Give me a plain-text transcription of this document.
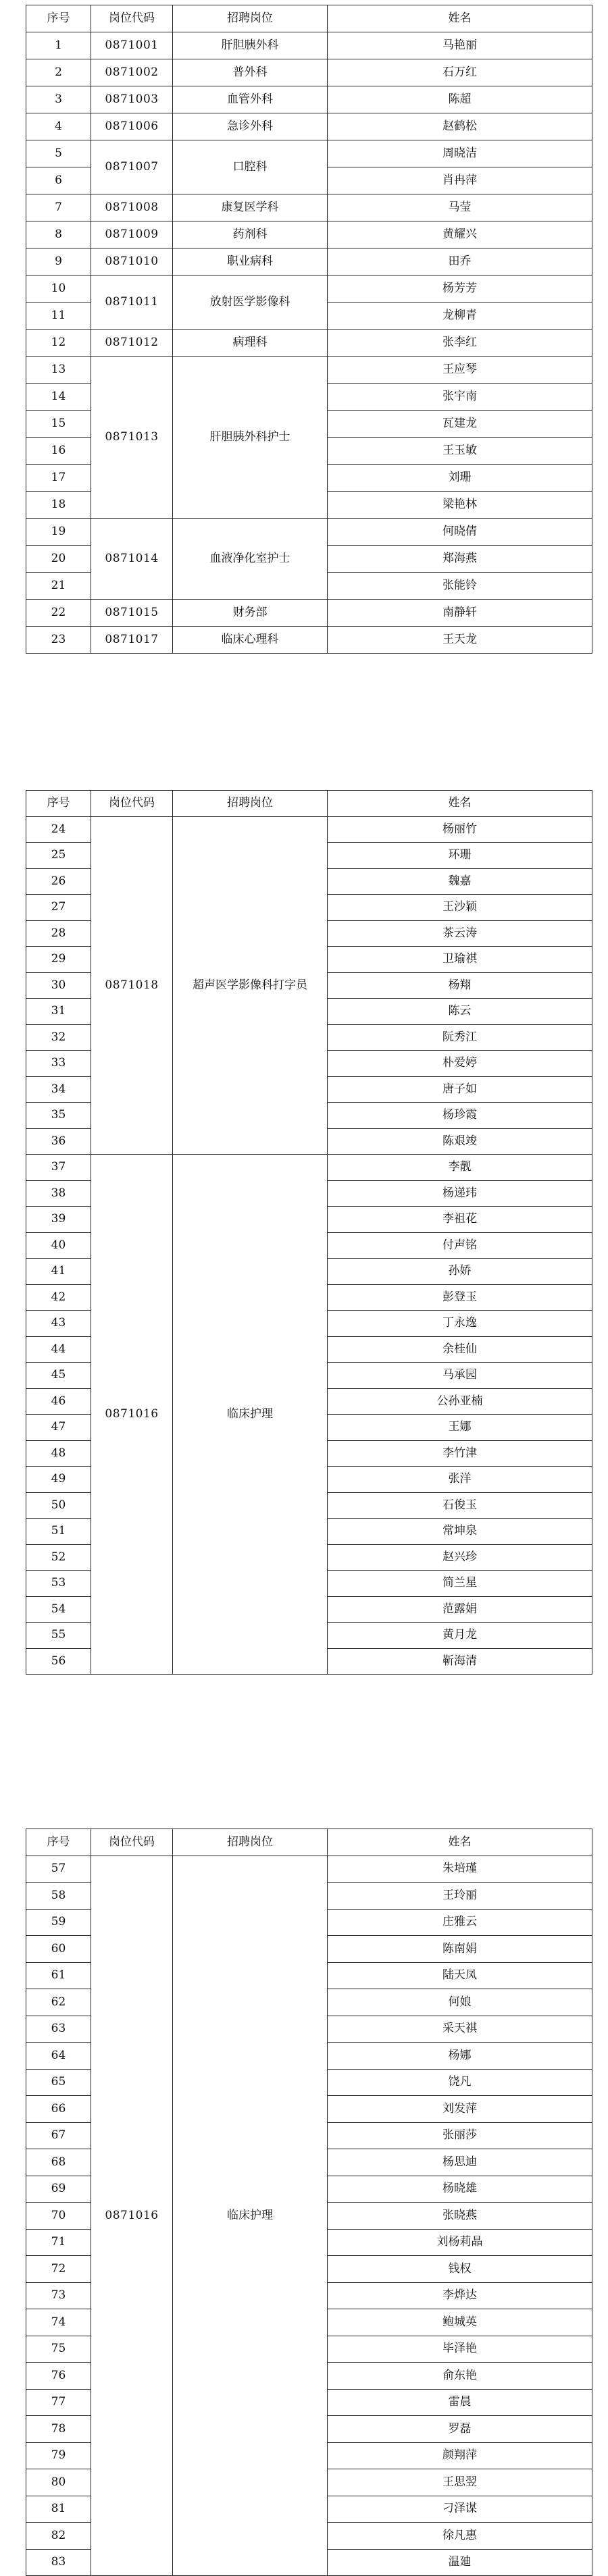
序号	岗位代码	招聘岗位	姓名
1	0871001	肝胆胰外科	马艳丽
2	0871002	普外科	石万红
3	0871003	血管外科	陈超
4	0871006	急诊外科	赵鹤松
5	0871007	口腔科	周晓洁
6			肖冉萍
7	0871008	康复医学科	马莹
8	0871009	药剂科	黄耀兴
9	0871010	职业病科	田乔
10	0871011	放射医学影像科	杨芳芳
11			龙柳青
12	0871012	病理科	张李红
13	0871013	肝胆胰外科护士	王应琴
14			张宇南
15			瓦建龙
16			王玉敏
17			刘珊
18			梁艳林
19	0871014	血液净化室护士	何晓倩
20			郑海燕
21			张能铃
22	0871015	财务部	南静轩
23	0871017	临床心理科	王天龙
序号	岗位代码	招聘岗位	姓名
24	0871018	超声医学影像科打字员	杨丽竹
25			环珊
26			魏嘉
27			王沙颖
28			茶云涛
29			卫瑜祺
30			杨翔
31			陈云
32			阮秀江
33			朴爱婷
34			唐子如
35			杨珍霞
36			陈艰竣
37	0871016	临床护理	李靓
38			杨递玮
39			李祖花
40			付声铭
41			孙娇
42			彭登玉
43			丁永逸
44			余桂仙
45			马承园
46			公孙亚楠
47			王娜
48			李竹津
49			张洋
50			石俊玉
51			常坤泉
52			赵兴珍
53			简兰星
54			范露娟
55			黄月龙
56			靳海清
序号	岗位代码	招聘岗位	姓名
57	0871016	临床护理	朱培瑾
58			王玲丽
59			庄雅云
60			陈南娟
61			陆天凤
62			何娘
63			采天祺
64			杨娜
65			饶凡
66			刘发萍
67			张丽莎
68			杨思迪
69			杨晓雄
70			张晓燕
71			刘杨莉晶
72			钱权
73			李烨达
74			鲍城英
75			毕泽艳
76			俞东艳
77			雷晨
78			罗磊
79			颜翔萍
80			王思翌
81			刁泽谋
82			徐凡惠
83			温廸
